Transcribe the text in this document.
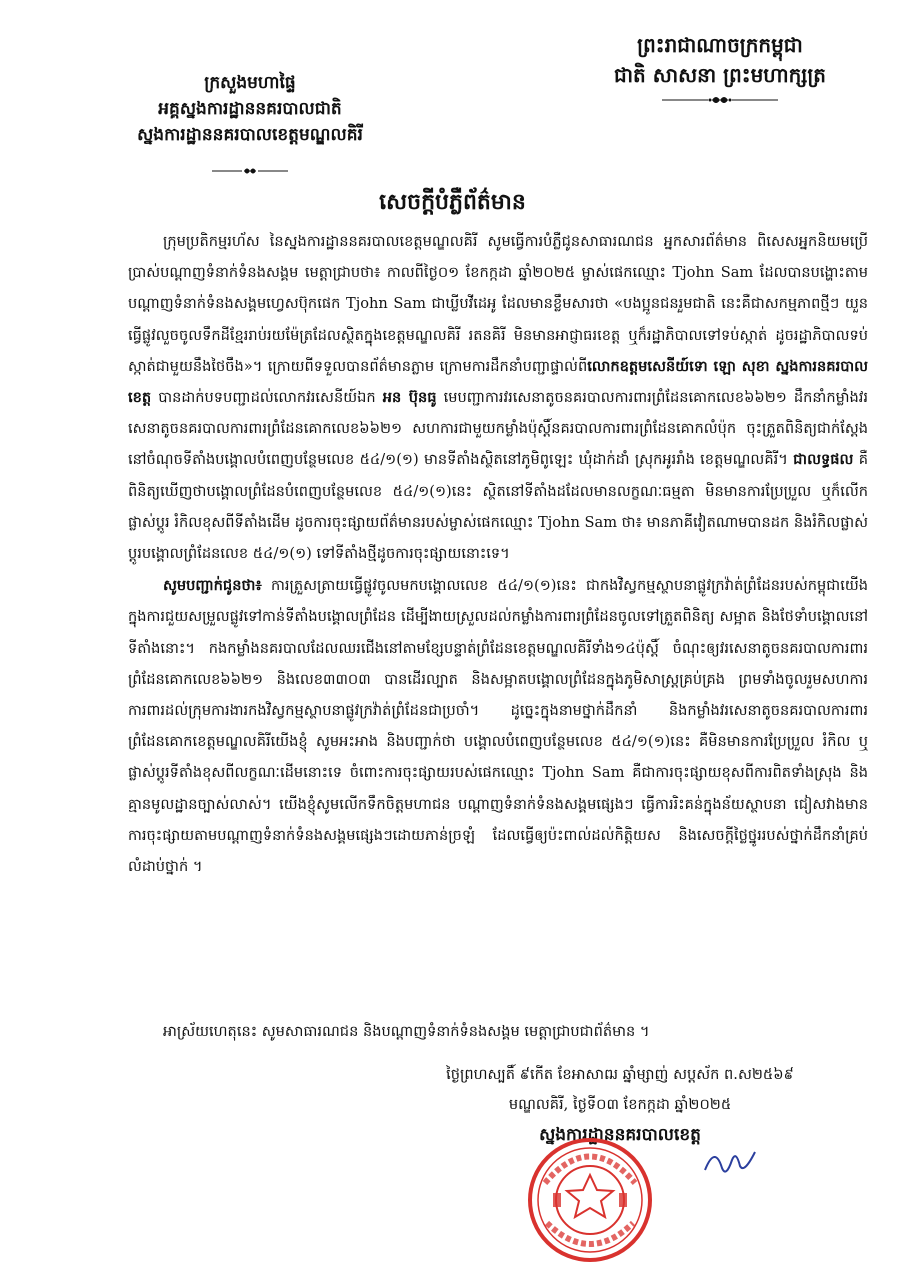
ព្រះរាជាណាចក្រកម្ពុជា
ជាតិ សាសនា ព្រះមហាក្សត្រ
ក្រសួងមហាផ្ទៃ
អគ្គស្នងការដ្ឋាននគរបាលជាតិ
ស្នងការដ្ឋាននគរបាលខេត្តមណ្ឌលគិរី
សេចក្តីបំភ្លឺព័ត៌មាន

ក្រុមប្រតិកម្មរហ័ស នៃស្នងការដ្ឋាននគរបាលខេត្តមណ្ឌលគិរី សូមធ្វើការបំភ្លឺជូនសាធារណជន អ្នកសារព័ត៌មាន ពិសេសអ្នកនិយមប្រើប្រាស់បណ្តាញទំនាក់ទំនងសង្គម មេត្តាជ្រាបថា៖ កាលពីថ្ងៃ០១ ខែកក្កដា ឆ្នាំ២០២៥ ម្ចាស់ផេកឈ្មោះ Tjohn Sam ដែលបានបង្ហោះតាមបណ្តាញទំនាក់ទំនងសង្គមហ្វេសប៊ុកផេក Tjohn Sam ជាឃ្លីបវីដេអូ ដែលមានខ្លឹមសារថា «បងប្អូនជនរួមជាតិ នេះគឺជាសកម្មភាពថ្មីៗ យួនធ្វើផ្លូវលួចចូលទឹកដីខ្មែររាប់រយម៉ែត្រដែលស្ថិតក្នុងខេត្តមណ្ឌលគិរី រតនគិរី មិនមានអាជ្ញាធរខេត្ត ឬក៏រដ្ឋាភិបាលទៅទប់ស្កាត់ ដូចរដ្ឋាភិបាលទប់ស្កាត់ជាមួយនឹងថៃចឹង»។ ក្រោយពីទទួលបានព័ត៌មានភ្លាម ក្រោមការដឹកនាំបញ្ជាផ្ទាល់ពីលោកឧត្តមសេនីយ៍ទោ ឡោ សុខា ស្នងការនគរបាលខេត្ត បានដាក់បទបញ្ជាដល់លោកវរសេនីយ៍ឯក អន ប៊ុនធូ មេបញ្ជាការវរសេនាតូចនគរបាលការពារព្រំដែនគោកលេខ៦៦២១ ដឹកនាំកម្លាំងវរសេនាតូចនគរបាលការពារព្រំដែនគោកលេខ៦៦២១ សហការជាមួយកម្លាំងប៉ុស្តិ៍នគរបាលការពារព្រំដែនគោកលំប៉ុក ចុះត្រួតពិនិត្យជាក់ស្តែងនៅចំណុចទីតាំងបង្គោលបំពេញបន្ថែមលេខ ៥៤/១(១) មានទីតាំងស្ថិតនៅភូមិពូឡេះ ឃុំដាក់ដាំ ស្រុកអូររាំង ខេត្តមណ្ឌលគិរី។ ជាលទ្ធផល គឺពិនិត្យឃើញថាបង្គោលព្រំដែនបំពេញបន្ថែមលេខ ៥៤/១(១)នេះ ស្ថិតនៅទីតាំងដដែលមានលក្ខណៈធម្មតា មិនមានការប្រែប្រួល ឬក៏លើកផ្លាស់ប្តូរ រំកិលខុសពីទីតាំងដើម ដូចការចុះផ្សាយព័ត៌មានរបស់ម្ចាស់ផេកឈ្មោះ Tjohn Sam ថា៖ មានភាគីវៀតណាមបានដក និងរំកិលផ្លាស់ប្តូរបង្គោលព្រំដែនលេខ ៥៤/១(១) ទៅទីតាំងថ្មីដូចការចុះផ្សាយនោះទេ។

សូមបញ្ជាក់ជូនថា៖ ការត្រួសត្រាយធ្វើផ្លូវចូលមកបង្គោលលេខ ៥៤/១(១)នេះ ជាកងវិស្វកម្មស្ថាបនាផ្លូវក្រវ៉ាត់ព្រំដែនរបស់កម្ពុជាយើង ក្នុងការជួយសម្រួលផ្លូវទៅកាន់ទីតាំងបង្គោលព្រំដែន ដើម្បីងាយស្រួលដល់កម្លាំងការពារព្រំដែនចូលទៅត្រួតពិនិត្យ សម្អាត និងថែទាំបង្គោលនៅទីតាំងនោះ។ កងកម្លាំងនគរបាលដែលឈរជើងនៅតាមខ្សែបន្ទាត់ព្រំដែនខេត្តមណ្ឌលគិរីទាំង១៤ប៉ុស្តិ៍ ចំណុះឲ្យវរសេនាតូចនគរបាលការពារព្រំដែនគោកលេខ៦៦២១ និងលេខ៣៣០៣ បានដើរល្បាត និងសម្អាតបង្គោលព្រំដែនក្នុងភូមិសាស្ត្រគ្រប់គ្រង ព្រមទាំងចូលរួមសហការការពារដល់ក្រុមការងារកងវិស្វកម្មស្ថាបនាផ្លូវក្រវ៉ាត់ព្រំដែនជាប្រចាំ។ ដូច្នេះក្នុងនាមថ្នាក់ដឹកនាំ និងកម្លាំងវរសេនាតូចនគរបាលការពារព្រំដែនគោកខេត្តមណ្ឌលគិរីយើងខ្ញុំ សូមអះអាង និងបញ្ជាក់ថា បង្គោលបំពេញបន្ថែមលេខ ៥៤/១(១)នេះ គឺមិនមានការប្រែប្រួល រំកិល ឬផ្លាស់ប្តូរទីតាំងខុសពីលក្ខណៈដើមនោះទេ ចំពោះការចុះផ្សាយរបស់ផេកឈ្មោះ Tjohn Sam គឺជាការចុះផ្សាយខុសពីការពិតទាំងស្រុង និងគ្មានមូលដ្ឋានច្បាស់លាស់។ យើងខ្ញុំសូមលើកទឹកចិត្តមហាជន បណ្តាញទំនាក់ទំនងសង្គមផ្សេងៗ ធ្វើការរិះគន់ក្នុងន័យស្ថាបនា ជៀសវាងមានការចុះផ្សាយតាមបណ្តាញទំនាក់ទំនងសង្គមផ្សេងៗដោយភាន់ច្រឡំ ដែលធ្វើឲ្យប៉ះពាល់ដល់កិត្តិយស និងសេចក្តីថ្លៃថ្នូររបស់ថ្នាក់ដឹកនាំគ្រប់លំដាប់ថ្នាក់ ។

អាស្រ័យហេតុនេះ សូមសាធារណជន និងបណ្តាញទំនាក់ទំនងសង្គម មេត្តាជ្រាបជាព័ត៌មាន ។
ថ្ងៃព្រហស្បតិ៍ ៩កើត ខែអាសាឍ ឆ្នាំម្សាញ់ សប្តស័ក ព.ស២៥៦៩
មណ្ឌលគិរី, ថ្ងៃទី០៣ ខែកក្កដា ឆ្នាំ២០២៥
ស្នងការដ្ឋាននគរបាលខេត្ត
